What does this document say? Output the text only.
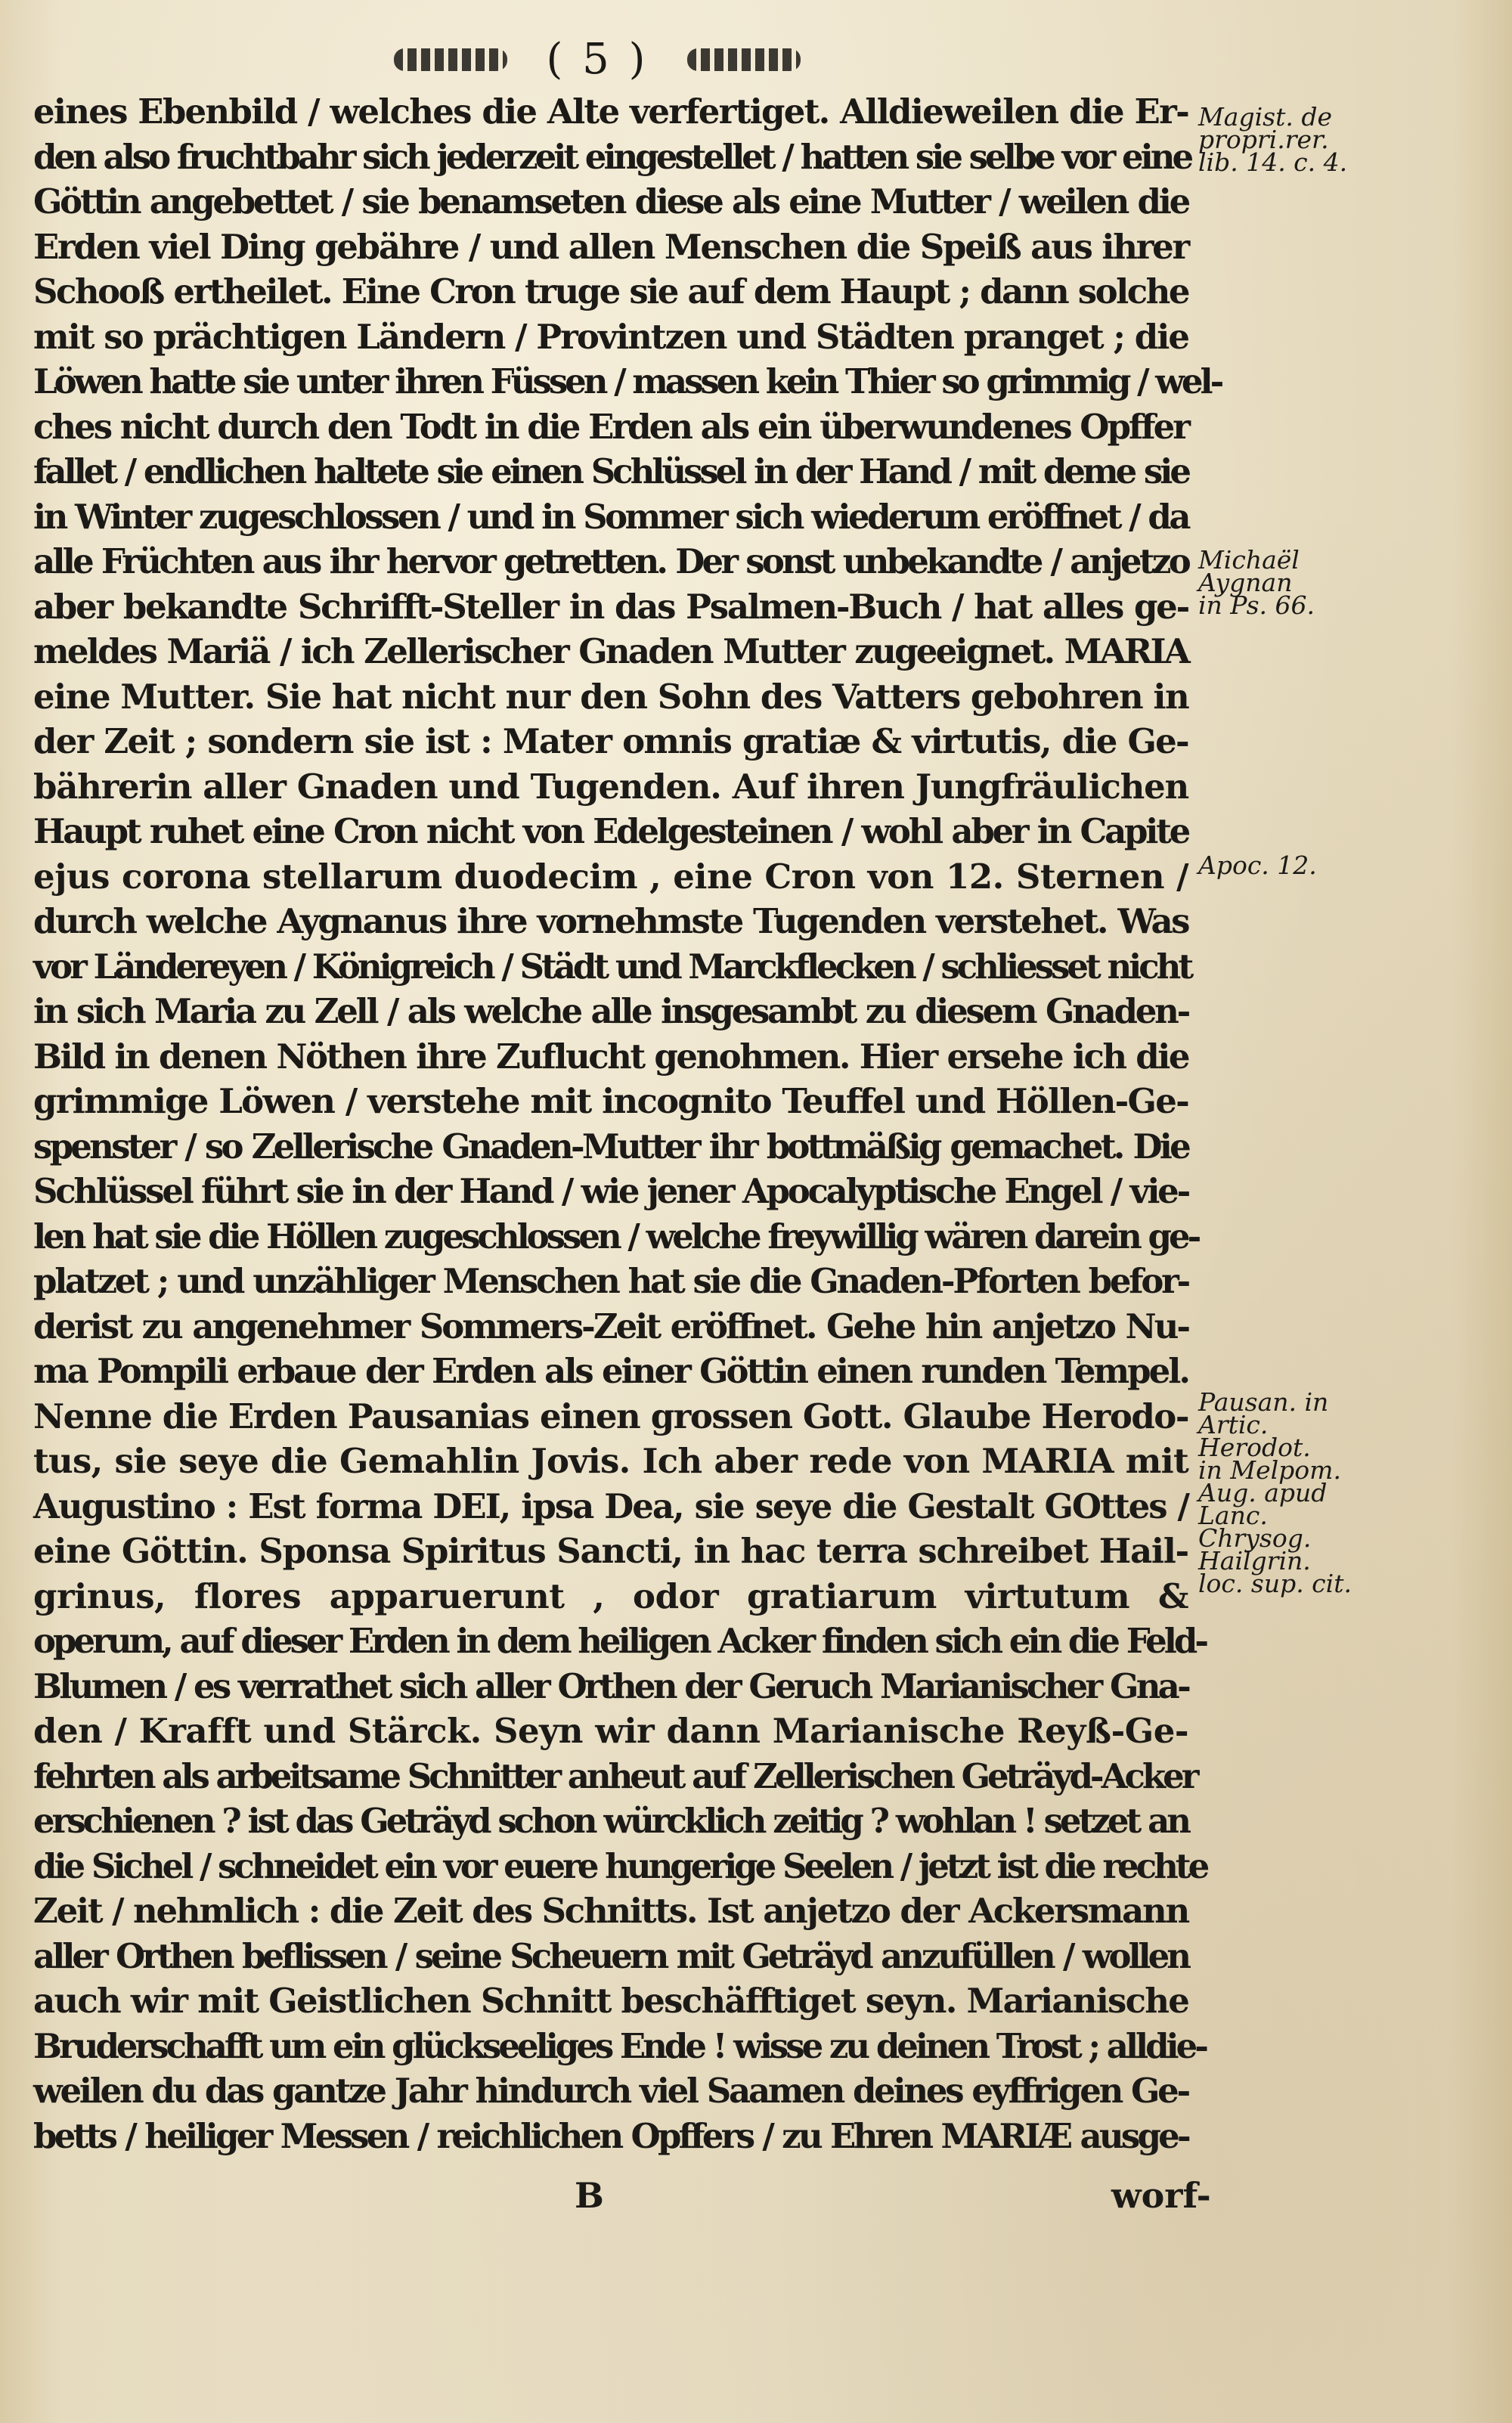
( 5 )
eines Ebenbild / welches die Alte verfertiget. Alldieweilen die Er-
den also fruchtbahr sich jederzeit eingestellet / hatten sie selbe vor eine
Göttin angebettet / sie benamseten diese als eine Mutter / weilen die
Erden viel Ding gebähre / und allen Menschen die Speiß aus ihrer
Schooß ertheilet. Eine Cron truge sie auf dem Haupt ; dann solche
mit so prächtigen Ländern / Provintzen und Städten pranget ; die
Löwen hatte sie unter ihren Füssen / massen kein Thier so grimmig / wel-
ches nicht durch den Todt in die Erden als ein überwundenes Opffer
fallet / endlichen haltete sie einen Schlüssel in der Hand / mit deme sie
in Winter zugeschlossen / und in Sommer sich wiederum eröffnet / da
alle Früchten aus ihr hervor getretten. Der sonst unbekandte / anjetzo
aber bekandte Schrifft-Steller in das Psalmen-Buch / hat alles ge-
meldes Mariä / ich Zellerischer Gnaden Mutter zugeeignet. MARIA
eine Mutter. Sie hat nicht nur den Sohn des Vatters gebohren in
der Zeit ; sondern sie ist : Mater omnis gratiæ & virtutis, die Ge-
bährerin aller Gnaden und Tugenden. Auf ihren Jungfräulichen
Haupt ruhet eine Cron nicht von Edelgesteinen / wohl aber in Capite
ejus corona stellarum duodecim , eine Cron von 12. Sternen /
durch welche Aygnanus ihre vornehmste Tugenden verstehet. Was
vor Ländereyen / Königreich / Städt und Marckflecken / schliesset nicht
in sich Maria zu Zell / als welche alle insgesambt zu diesem Gnaden-
Bild in denen Nöthen ihre Zuflucht genohmen. Hier ersehe ich die
grimmige Löwen / verstehe mit incognito Teuffel und Höllen-Ge-
spenster / so Zellerische Gnaden-Mutter ihr bottmäßig gemachet. Die
Schlüssel führt sie in der Hand / wie jener Apocalyptische Engel / vie-
len hat sie die Höllen zugeschlossen / welche freywillig wären darein ge-
platzet ; und unzähliger Menschen hat sie die Gnaden-Pforten befor-
derist zu angenehmer Sommers-Zeit eröffnet. Gehe hin anjetzo Nu-
ma Pompili erbaue der Erden als einer Göttin einen runden Tempel.
Nenne die Erden Pausanias einen grossen Gott. Glaube Herodo-
tus, sie seye die Gemahlin Jovis. Ich aber rede von MARIA mit
Augustino : Est forma DEI, ipsa Dea, sie seye die Gestalt GOttes /
eine Göttin. Sponsa Spiritus Sancti, in hac terra schreibet Hail-
grinus, flores apparuerunt , odor gratiarum virtutum &
operum, auf dieser Erden in dem heiligen Acker finden sich ein die Feld-
Blumen / es verrathet sich aller Orthen der Geruch Marianischer Gna-
den / Krafft und Stärck. Seyn wir dann Marianische Reyß-Ge-
fehrten als arbeitsame Schnitter anheut auf Zellerischen Geträyd-Acker
erschienen ? ist das Geträyd schon würcklich zeitig ? wohlan ! setzet an
die Sichel / schneidet ein vor euere hungerige Seelen / jetzt ist die rechte
Zeit / nehmlich : die Zeit des Schnitts. Ist anjetzo der Ackersmann
aller Orthen beflissen / seine Scheuern mit Geträyd anzufüllen / wollen
auch wir mit Geistlichen Schnitt beschäfftiget seyn. Marianische
Bruderschafft um ein glückseeliges Ende ! wisse zu deinen Trost ; alldie-
weilen du das gantze Jahr hindurch viel Saamen deines eyffrigen Ge-
betts / heiliger Messen / reichlichen Opffers / zu Ehren MARIÆ ausge-
Magist. de
propri.rer.
lib. 14. c. 4.
Michaël
Aygnan
in Ps. 66.
Apoc. 12.
Pausan. in
Artic.
Herodot.
in Melpom.
Aug. apud
Lanc.
Chrysog.
Hailgrin.
loc. sup. cit.
B	worf-
